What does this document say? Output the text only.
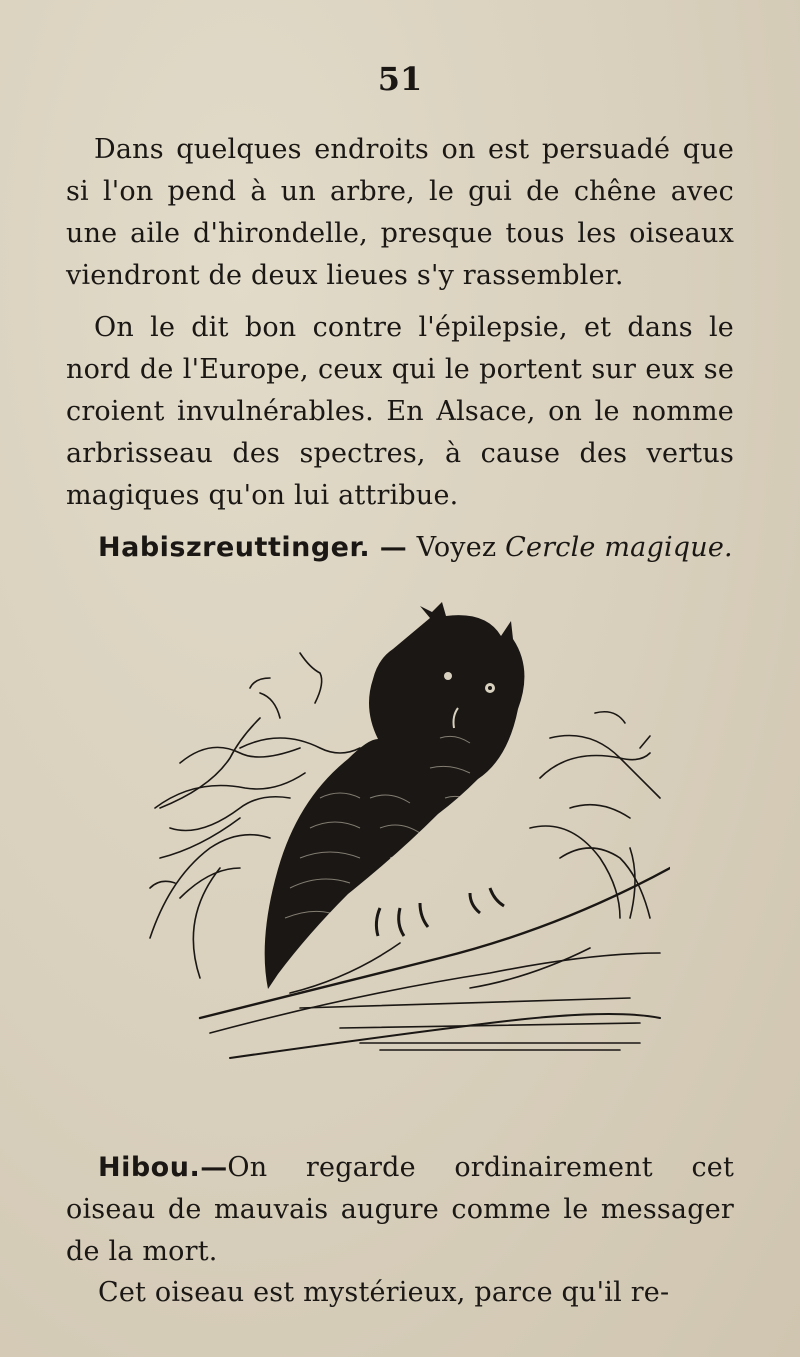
51

Dans quelques endroits on est persuadé que si l'on pend à un arbre, le gui de chêne avec une aile d'hirondelle, presque tous les oiseaux viendront de deux lieues s'y rassembler.

On le dit bon contre l'épilepsie, et dans le nord de l'Europe, ceux qui le portent sur eux se croient invulnérables. En Alsace, on le nomme arbrisseau des spectres, à cause des vertus magiques qu'on lui attribue.

Habiszreuttinger. — Voyez Cercle magique.

Hibou.—On regarde ordinairement cet oiseau de mauvais augure comme le messager de la mort.

Cet oiseau est mystérieux, parce qu'il re-
